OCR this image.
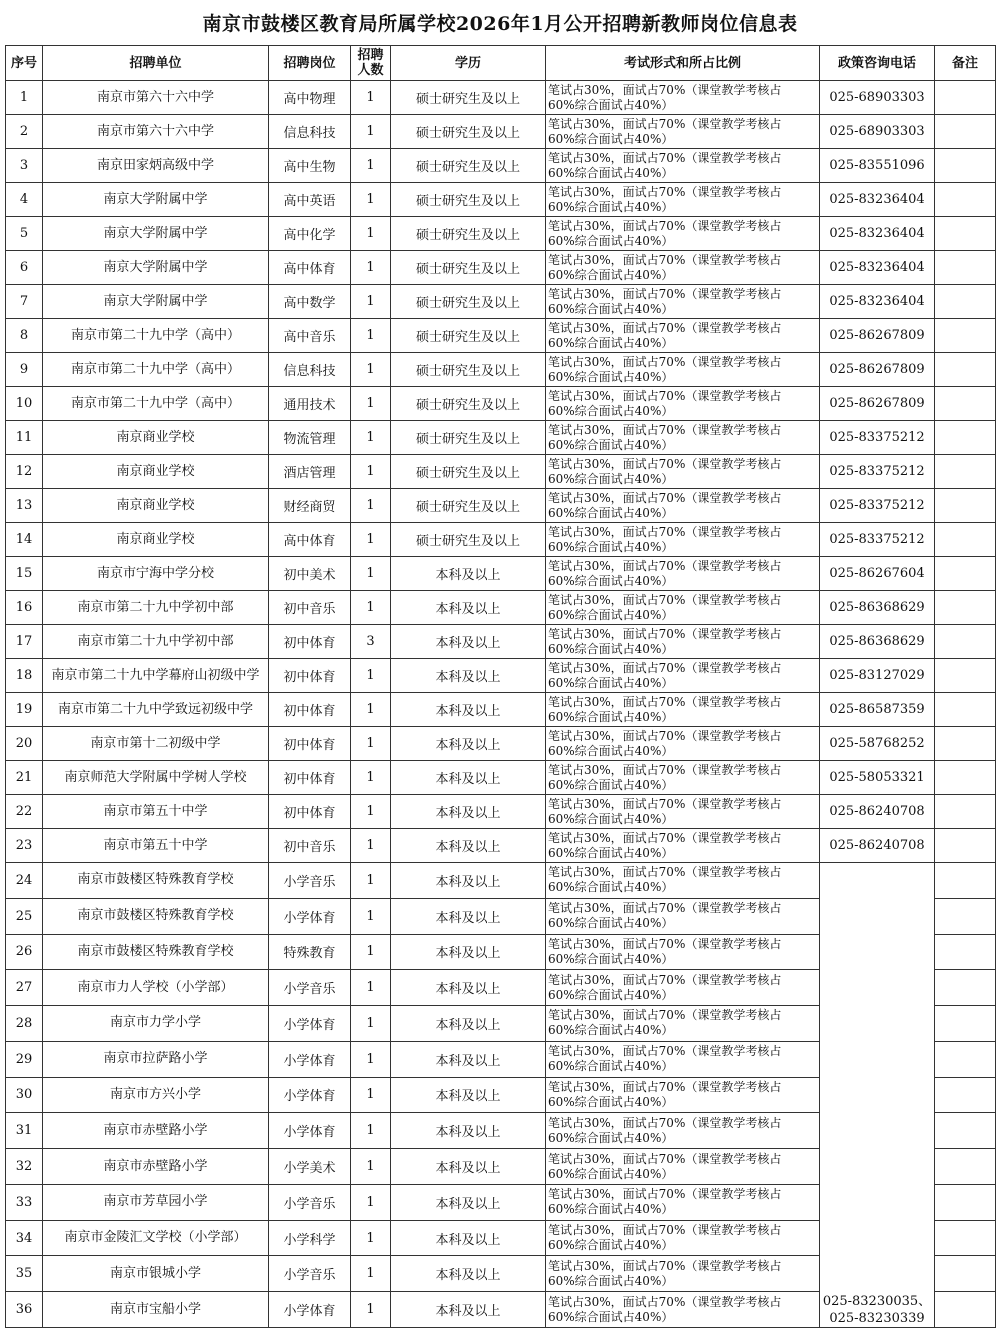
南京市鼓楼区教育局所属学校2026年1月公开招聘新教师岗位信息表
序号	招聘单位	招聘岗位	招聘
人数	学历	考试形式和所占比例	政策咨询电话	备注
1	南京市第六十六中学	高中物理	1	硕士研究生及以上	笔试占30%，面试占70%（课堂教学考核占
60%综合面试占40%）	025-68903303	
2	南京市第六十六中学	信息科技	1	硕士研究生及以上	笔试占30%，面试占70%（课堂教学考核占
60%综合面试占40%）	025-68903303	
3	南京田家炳高级中学	高中生物	1	硕士研究生及以上	笔试占30%，面试占70%（课堂教学考核占
60%综合面试占40%）	025-83551096	
4	南京大学附属中学	高中英语	1	硕士研究生及以上	笔试占30%，面试占70%（课堂教学考核占
60%综合面试占40%）	025-83236404	
5	南京大学附属中学	高中化学	1	硕士研究生及以上	笔试占30%，面试占70%（课堂教学考核占
60%综合面试占40%）	025-83236404	
6	南京大学附属中学	高中体育	1	硕士研究生及以上	笔试占30%，面试占70%（课堂教学考核占
60%综合面试占40%）	025-83236404	
7	南京大学附属中学	高中数学	1	硕士研究生及以上	笔试占30%，面试占70%（课堂教学考核占
60%综合面试占40%）	025-83236404	
8	南京市第二十九中学（高中）	高中音乐	1	硕士研究生及以上	笔试占30%，面试占70%（课堂教学考核占
60%综合面试占40%）	025-86267809	
9	南京市第二十九中学（高中）	信息科技	1	硕士研究生及以上	笔试占30%，面试占70%（课堂教学考核占
60%综合面试占40%）	025-86267809	
10	南京市第二十九中学（高中）	通用技术	1	硕士研究生及以上	笔试占30%，面试占70%（课堂教学考核占
60%综合面试占40%）	025-86267809	
11	南京商业学校	物流管理	1	硕士研究生及以上	笔试占30%，面试占70%（课堂教学考核占
60%综合面试占40%）	025-83375212	
12	南京商业学校	酒店管理	1	硕士研究生及以上	笔试占30%，面试占70%（课堂教学考核占
60%综合面试占40%）	025-83375212	
13	南京商业学校	财经商贸	1	硕士研究生及以上	笔试占30%，面试占70%（课堂教学考核占
60%综合面试占40%）	025-83375212	
14	南京商业学校	高中体育	1	硕士研究生及以上	笔试占30%，面试占70%（课堂教学考核占
60%综合面试占40%）	025-83375212	
15	南京市宁海中学分校	初中美术	1	本科及以上	笔试占30%，面试占70%（课堂教学考核占
60%综合面试占40%）	025-86267604	
16	南京市第二十九中学初中部	初中音乐	1	本科及以上	笔试占30%，面试占70%（课堂教学考核占
60%综合面试占40%）	025-86368629	
17	南京市第二十九中学初中部	初中体育	3	本科及以上	笔试占30%，面试占70%（课堂教学考核占
60%综合面试占40%）	025-86368629	
18	南京市第二十九中学幕府山初级中学	初中体育	1	本科及以上	笔试占30%，面试占70%（课堂教学考核占
60%综合面试占40%）	025-83127029	
19	南京市第二十九中学致远初级中学	初中体育	1	本科及以上	笔试占30%，面试占70%（课堂教学考核占
60%综合面试占40%）	025-86587359	
20	南京市第十二初级中学	初中体育	1	本科及以上	笔试占30%，面试占70%（课堂教学考核占
60%综合面试占40%）	025-58768252	
21	南京师范大学附属中学树人学校	初中体育	1	本科及以上	笔试占30%，面试占70%（课堂教学考核占
60%综合面试占40%）	025-58053321	
22	南京市第五十中学	初中体育	1	本科及以上	笔试占30%，面试占70%（课堂教学考核占
60%综合面试占40%）	025-86240708	
23	南京市第五十中学	初中音乐	1	本科及以上	笔试占30%，面试占70%（课堂教学考核占
60%综合面试占40%）	025-86240708	
24	南京市鼓楼区特殊教育学校	小学音乐	1	本科及以上	笔试占30%，面试占70%（课堂教学考核占
60%综合面试占40%）	025-83230035、
025-83230339	
25	南京市鼓楼区特殊教育学校	小学体育	1	本科及以上	笔试占30%，面试占70%（课堂教学考核占
60%综合面试占40%）		
26	南京市鼓楼区特殊教育学校	特殊教育	1	本科及以上	笔试占30%，面试占70%（课堂教学考核占
60%综合面试占40%）		
27	南京市力人学校（小学部）	小学音乐	1	本科及以上	笔试占30%，面试占70%（课堂教学考核占
60%综合面试占40%）		
28	南京市力学小学	小学体育	1	本科及以上	笔试占30%，面试占70%（课堂教学考核占
60%综合面试占40%）		
29	南京市拉萨路小学	小学体育	1	本科及以上	笔试占30%，面试占70%（课堂教学考核占
60%综合面试占40%）		
30	南京市方兴小学	小学体育	1	本科及以上	笔试占30%，面试占70%（课堂教学考核占
60%综合面试占40%）		
31	南京市赤壁路小学	小学体育	1	本科及以上	笔试占30%，面试占70%（课堂教学考核占
60%综合面试占40%）		
32	南京市赤壁路小学	小学美术	1	本科及以上	笔试占30%，面试占70%（课堂教学考核占
60%综合面试占40%）		
33	南京市芳草园小学	小学音乐	1	本科及以上	笔试占30%，面试占70%（课堂教学考核占
60%综合面试占40%）		
34	南京市金陵汇文学校（小学部）	小学科学	1	本科及以上	笔试占30%，面试占70%（课堂教学考核占
60%综合面试占40%）		
35	南京市银城小学	小学音乐	1	本科及以上	笔试占30%，面试占70%（课堂教学考核占
60%综合面试占40%）		
36	南京市宝船小学	小学体育	1	本科及以上	笔试占30%，面试占70%（课堂教学考核占
60%综合面试占40%）		
